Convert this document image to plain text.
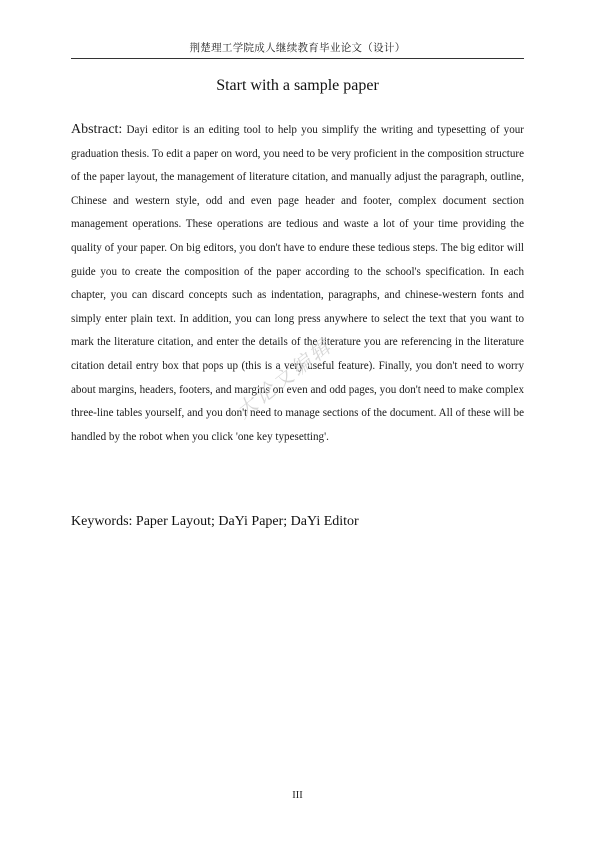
荆楚理工学院成人继续教育毕业论文（设计）
Start with a sample paper

Abstract: Dayi editor is an editing tool to help you simplify the writing and typesetting of your graduation thesis. To edit a paper on word, you need to be very proficient in the composition structure of the paper layout, the management of literature citation, and manually adjust the paragraph, outline, Chinese and western style, odd and even page header and footer, complex document section management operations. These operations are tedious and waste a lot of your time providing the quality of your paper. On big editors, you don't have to endure these tedious steps. The big editor will guide you to create the composition of the paper according to the school's specification. In each chapter, you can discard concepts such as indentation, paragraphs, and chinese-western fonts and simply enter plain text. In addition, you can long press anywhere to select the text that you want to mark the literature citation, and enter the details of the literature you are referencing in the literature citation detail entry box that pops up (this is a very useful feature). Finally, you don't need to worry about margins, headers, footers, and margins on even and odd pages, you don't need to make complex three-line tables yourself, and you don't need to manage sections of the document. All of these will be handled by the robot when you click 'one key typesetting'.

大论文编辑
Keywords: Paper Layout; DaYi Paper; DaYi Editor
III
